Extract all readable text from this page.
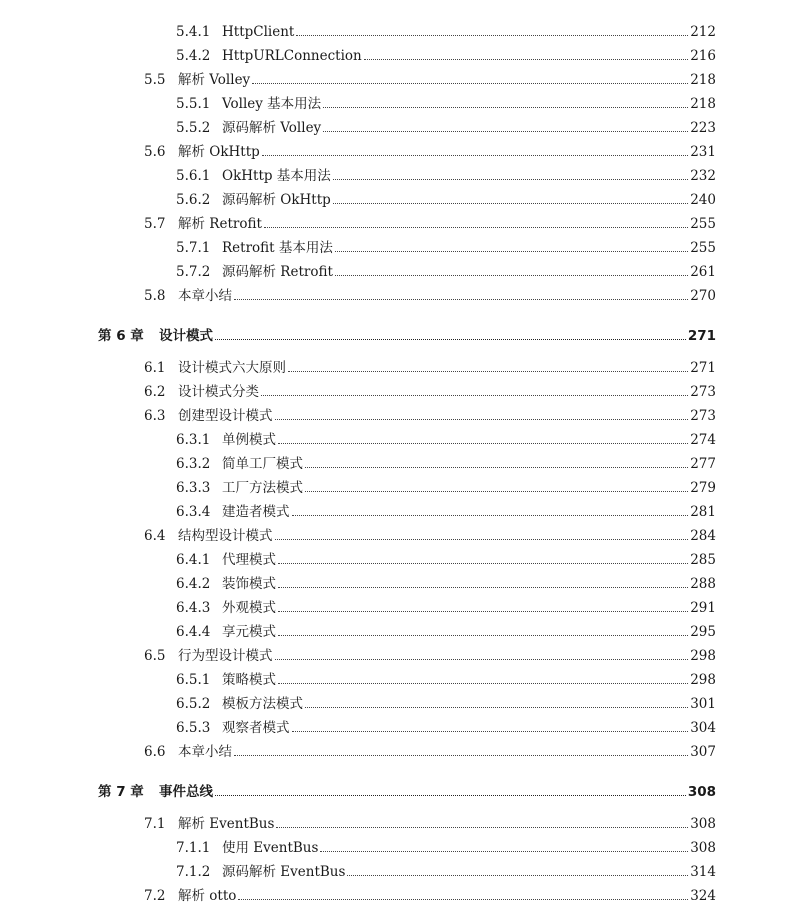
5.4.1 HttpClient	212
5.4.2 HttpURLConnection	216
5.5 解析 Volley	218
5.5.1 Volley 基本用法	218
5.5.2 源码解析 Volley	223
5.6 解析 OkHttp	231
5.6.1 OkHttp 基本用法	232
5.6.2 源码解析 OkHttp	240
5.7 解析 Retrofit	255
5.7.1 Retrofit 基本用法	255
5.7.2 源码解析 Retrofit	261
5.8 本章小结	270
第 6 章	设计模式	271
6.1 设计模式六大原则	271
6.2 设计模式分类	273
6.3 创建型设计模式	273
6.3.1 单例模式	274
6.3.2 简单工厂模式	277
6.3.3 工厂方法模式	279
6.3.4 建造者模式	281
6.4 结构型设计模式	284
6.4.1 代理模式	285
6.4.2 装饰模式	288
6.4.3 外观模式	291
6.4.4 享元模式	295
6.5 行为型设计模式	298
6.5.1 策略模式	298
6.5.2 模板方法模式	301
6.5.3 观察者模式	304
6.6 本章小结	307
第 7 章	事件总线	308
7.1 解析 EventBus	308
7.1.1 使用 EventBus	308
7.1.2 源码解析 EventBus	314
7.2 解析 otto	324
